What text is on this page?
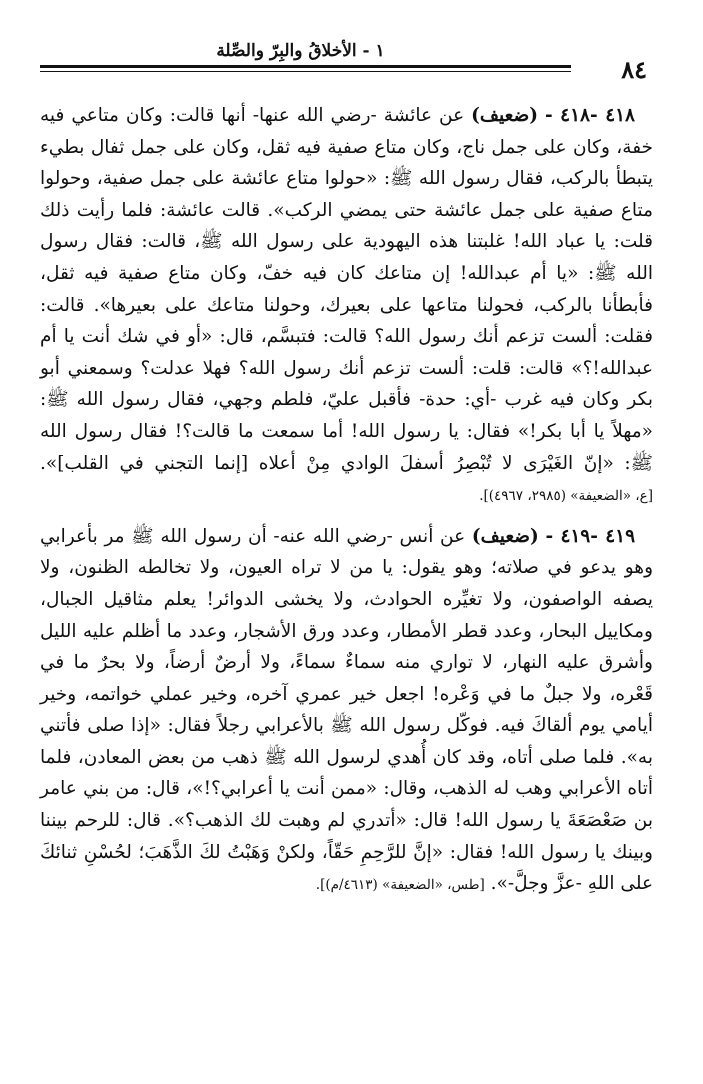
٨٤
١ - الأخلاقُ والبِرّ والصِّلة

٤١٨ -٤١٨ - (ضعيف) عن عائشة -رضي الله عنها- أنها قالت: وكان متاعي فيه خفة، وكان على جمل ناج، وكان متاع صفية فيه ثقل، وكان على جمل ثفال بطيء يتبطأ بالركب، فقال رسول الله ﷺ: «حولوا متاع عائشة على جمل صفية، وحولوا متاع صفية على جمل عائشة حتى يمضي الركب». قالت عائشة: فلما رأيت ذلك قلت: يا عباد الله! غلبتنا هذه اليهودية على رسول الله ﷺ، قالت: فقال رسول الله ﷺ: «يا أم عبدالله! إن متاعك كان فيه خفّ، وكان متاع صفية فيه ثقل، فأبطأنا بالركب، فحولنا متاعها على بعيرك، وحولنا متاعك على بعيرها». قالت: فقلت: ألست تزعم أنك رسول الله؟ قالت: فتبسَّم، قال: «أو في شك أنت يا أم عبدالله!؟» قالت: قلت: ألست تزعم أنك رسول الله؟ فهلا عدلت؟ وسمعني أبو بكر وكان فيه غرب -أي: حدة- فأقبل عليّ، فلطم وجهي، فقال رسول الله ﷺ: «مهلاً يا أبا بكر!» فقال: يا رسول الله! أما سمعت ما قالت؟! فقال رسول الله ﷺ: «إنّ الغَيْرَى لا تُبْصِرُ أسفلَ الوادي مِنْ أعلاه [إنما التجني في القلب]». [ع، «الضعيفة» (٢٩٨٥، ٤٩٦٧)].

٤١٩ -٤١٩ - (ضعيف) عن أنس -رضي الله عنه- أن رسول الله ﷺ مر بأعرابي وهو يدعو في صلاته؛ وهو يقول: يا من لا تراه العيون، ولا تخالطه الظنون، ولا يصفه الواصفون، ولا تغيِّره الحوادث، ولا يخشى الدوائر! يعلم مثاقيل الجبال، ومكاييل البحار، وعدد قطر الأمطار، وعدد ورق الأشجار، وعدد ما أظلم عليه الليل وأشرق عليه النهار، لا تواري منه سماءٌ سماءً، ولا أرضٌ أرضاً، ولا بحرٌ ما في قَعْره، ولا جبلٌ ما في وَعْره! اجعل خير عمري آخره، وخير عملي خواتمه، وخير أيامي يوم ألقاكَ فيه. فوكّل رسول الله ﷺ بالأعرابي رجلاً فقال: «إذا صلى فأتني به». فلما صلى أتاه، وقد كان أُهدي لرسول الله ﷺ ذهب من بعض المعادن، فلما أتاه الأعرابي وهب له الذهب، وقال: «ممن أنت يا أعرابي؟!»، قال: من بني عامر بن صَعْصَعَةَ يا رسول الله! قال: «أتدري لم وهبت لك الذهب؟». قال: للرحم بيننا وبينك يا رسول الله! فقال: «إنَّ للرَّحِمِ حَقّاً، ولكنْ وَهَبْتُ لكَ الذَّهَبَ؛ لحُسْنِ ثنائكَ على اللهِ -عزَّ وجلَّ-». [طس، «الضعيفة» (٤٦١٣/م)].
